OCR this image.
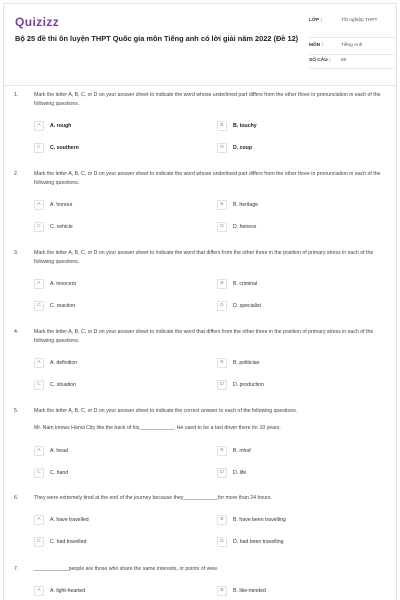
Quizizz
Bộ 25 đề thi ôn luyện THPT Quốc gia môn Tiếng anh có lời giải năm 2022 (Đề 12)
LỚP :	Tốt nghiệp THPT
MÔN :	Tiếng Anh
SỐ CÂU : 50
1.	Mark the letter A, B, C, or D on your answer sheet to indicate the word whose underlined part differs from the other three in pronunciation in each of the following questions.
A	A. rough	B	B. touchy
C	C. southern	D	D. coup
2.	Mark the letter A, B, C, or D on your answer sheet to indicate the word whose underlined part differs from the other three in pronunciation in each of the following questions.
A	A. honour	B	B. heritage
C	C. vehicle	D	D. heiress
3.	Mark the letter A, B, C, or D on your answer sheet to indicate the word that differs from the other three in the position of primary stress in each of the following questions.
A	A. innocent	B	B. criminal
C	C. reaction	D	D. specialist
4.	Mark the letter A, B, C, or D on your answer sheet to indicate the word that differs from the other three in the position of primary stress in each of the following questions.
A	A. definition	B	B. politician
C	C. situation	D	D. production
5.	Mark the letter A, B, C, or D on your answer sheet to indicate the correct answer to each of the following questions.
Mr. Nam knows Hanoi City like the back of his____________. He used to be a taxi driver there for 10 years.
A	A. head	B	B. mind
C	C. hand	D	D. life
6.	They were extremely tired at the end of the journey because they____________for more than 24 hours.
A	A. have travelled	B	B. have been travelling
C	C. had travelled	D	D. had been travelling
7.	____________people are those who share the same interests, or points of view.
A	A. light-hearted	B	B. like-minded
